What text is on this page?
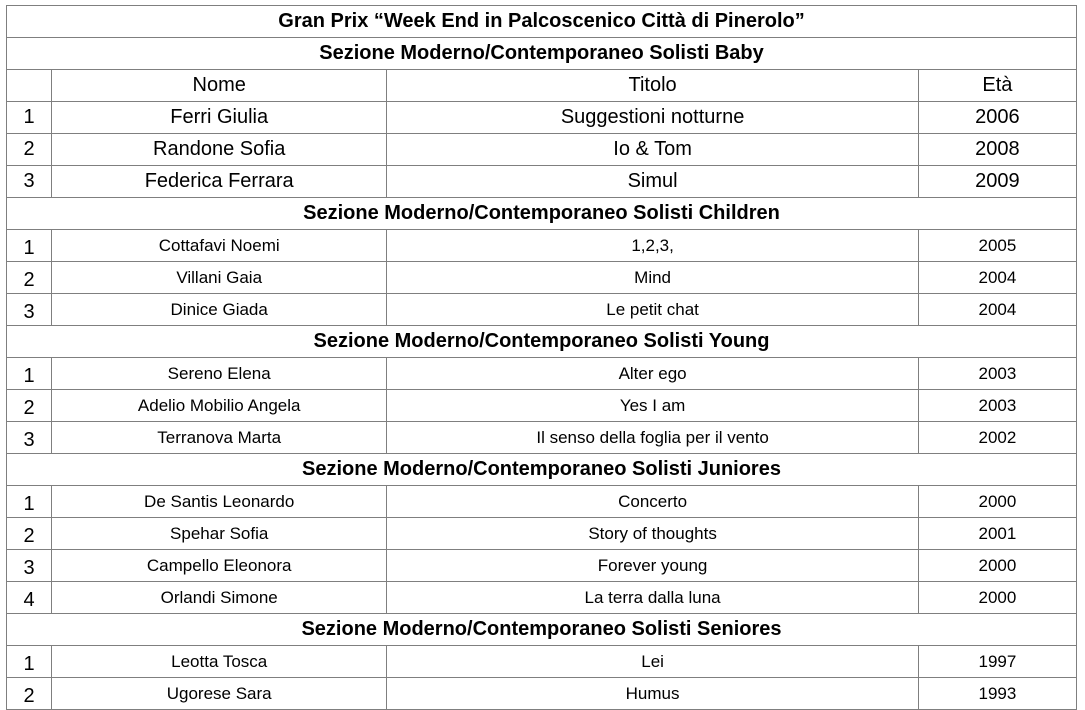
Gran Prix “Week End in Palcoscenico Città di Pinerolo”			
Sezione Moderno/Contemporaneo Solisti Baby			
	Nome	Titolo	Età
1	Ferri Giulia	Suggestioni notturne	2006
2	Randone Sofia	Io & Tom	2008
3	Federica Ferrara	Simul	2009
Sezione Moderno/Contemporaneo Solisti Children			
1	Cottafavi Noemi	1,2,3,	2005
2	Villani Gaia	Mind	2004
3	Dinice Giada	Le petit chat	2004
Sezione Moderno/Contemporaneo Solisti Young			
1	Sereno Elena	Alter ego	2003
2	Adelio Mobilio Angela	Yes I am	2003
3	Terranova Marta	Il senso della foglia per il vento	2002
Sezione Moderno/Contemporaneo Solisti Juniores			
1	De Santis Leonardo	Concerto	2000
2	Spehar Sofia	Story of thoughts	2001
3	Campello Eleonora	Forever young	2000
4	Orlandi Simone	La terra dalla luna	2000
Sezione Moderno/Contemporaneo Solisti Seniores			
1	Leotta Tosca	Lei	1997
2	Ugorese Sara	Humus	1993
